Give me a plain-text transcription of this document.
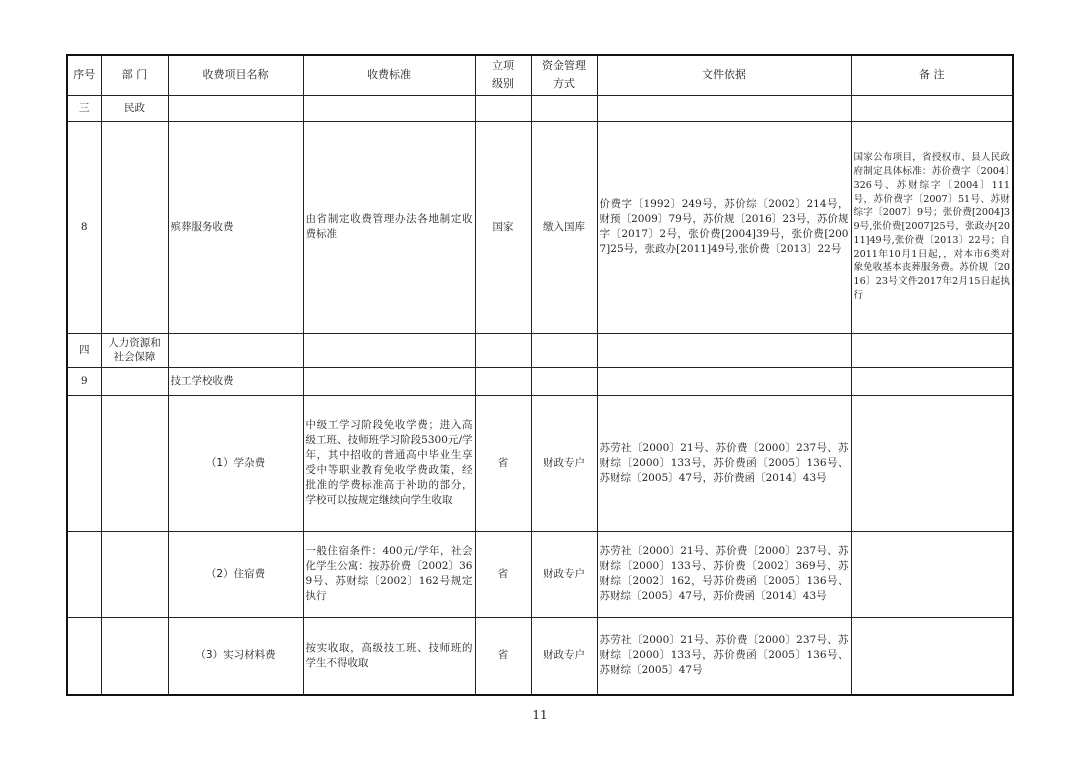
序号	部 门	收费项目名称	收费标准	立项级别	资金管理方式	文件依据	备 注
三	民政						
8		殡葬服务收费	由省制定收费管理办法各地制定收费标准	国家	缴入国库	价费字〔1992〕249号，苏价综〔2002〕214号，财预〔2009〕79号，苏价规〔2016〕23号，苏价规字〔2017〕2号，张价费[2004]39号，张价费[2007]25号，张政办[2011]49号,张价费〔2013〕22号	国家公布项目，省授权市、县人民政府制定具体标准：苏价费字〔2004〕326号、苏财综字〔2004〕111号，苏价费字〔2007〕51号、苏财综字〔2007〕9号；张价费[2004]39号,张价费[2007]25号，张政办[2011]49号,张价费〔2013〕22号；自2011年10月1日起，，对本市6类对象免收基本丧葬服务费。苏价规〔2016〕23号文件2017年2月15日起执行
四	人力资源和社会保障						
9		技工学校收费					
		（1）学杂费	中级工学习阶段免收学费；进入高级工班、技师班学习阶段5300元/学年，其中招收的普通高中毕业生享受中等职业教育免收学费政策，经批准的学费标准高于补助的部分，学校可以按规定继续向学生收取	省	财政专户	苏劳社〔2000〕21号、苏价费〔2000〕237号、苏财综〔2000〕133号，苏价费函〔2005〕136号、苏财综〔2005〕47号，苏价费函〔2014〕43号	
		（2）住宿费	一般住宿条件：400元/学年，社会化学生公寓：按苏价费〔2002〕369号、苏财综〔2002〕162号规定执行	省	财政专户	苏劳社〔2000〕21号、苏价费〔2000〕237号、苏财综〔2000〕133号、苏价费〔2002〕369号、苏财综〔2002〕162，号苏价费函〔2005〕136号、苏财综〔2005〕47号，苏价费函〔2014〕43号	
		（3）实习材料费	按实收取，高级技工班、技师班的学生不得收取	省	财政专户	苏劳社〔2000〕21号、苏价费〔2000〕237号、苏财综〔2000〕133号，苏价费函〔2005〕136号、苏财综〔2005〕47号	
11
